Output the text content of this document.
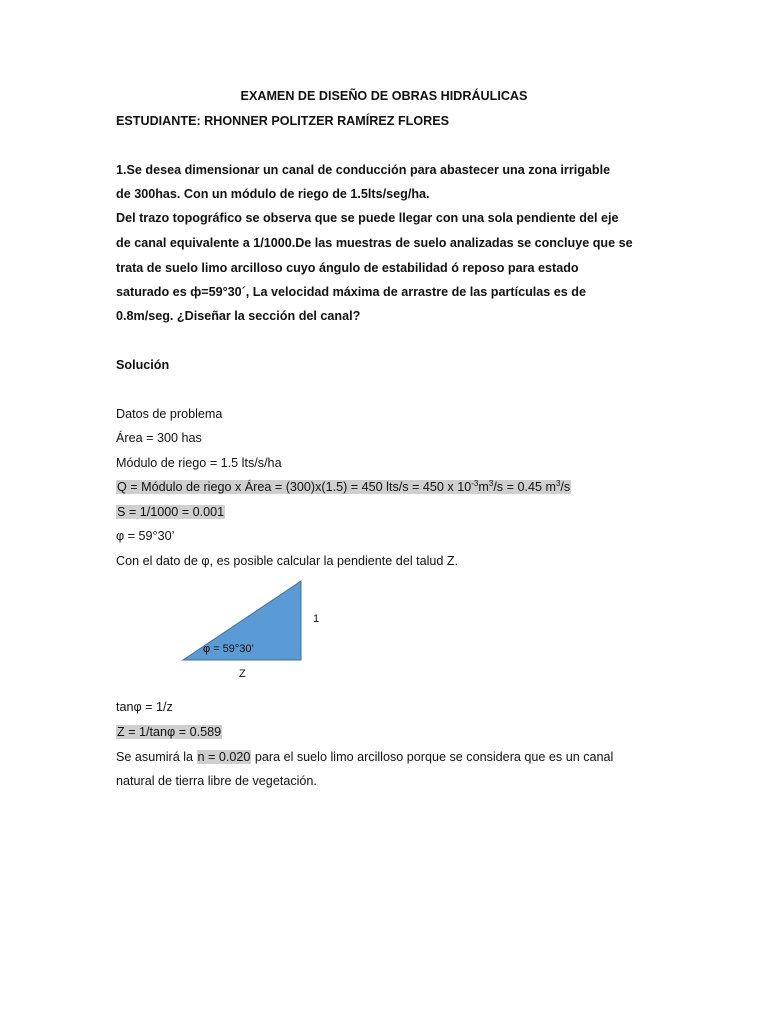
EXAMEN DE DISEÑO DE OBRAS HIDRÁULICAS
ESTUDIANTE: RHONNER POLITZER RAMÍREZ FLORES
1.Se desea dimensionar un canal de conducción para abastecer una zona irrigable
de 300has. Con un módulo de riego de 1.5lts/seg/ha.
Del trazo topográfico se observa que se puede llegar con una sola pendiente del eje
de canal equivalente a 1/1000.De las muestras de suelo analizadas se concluye que se
trata de suelo limo arcilloso cuyo ángulo de estabilidad ó reposo para estado
saturado es ф=59°30´, La velocidad máxima de arrastre de las partículas es de
0.8m/seg. ¿Diseñar la sección del canal?
Solución
Datos de problema
Área = 300 has
Módulo de riego = 1.5 lts/s/ha
Q = Módulo de riego x Área = (300)x(1.5) = 450 lts/s = 450 x $10^{-3}m^3/s = 0.45$ $m^3/s$
S = 1/1000 = 0.001
φ = 59°30’
Con el dato de φ, es posible calcular la pendiente del talud Z.
φ = 59°30’
1
Z
tanφ = 1/z
Z = 1/tanφ = 0.589
Se asumirá la n = 0.020 para el suelo limo arcilloso porque se considera que es un canal
natural de tierra libre de vegetación.
